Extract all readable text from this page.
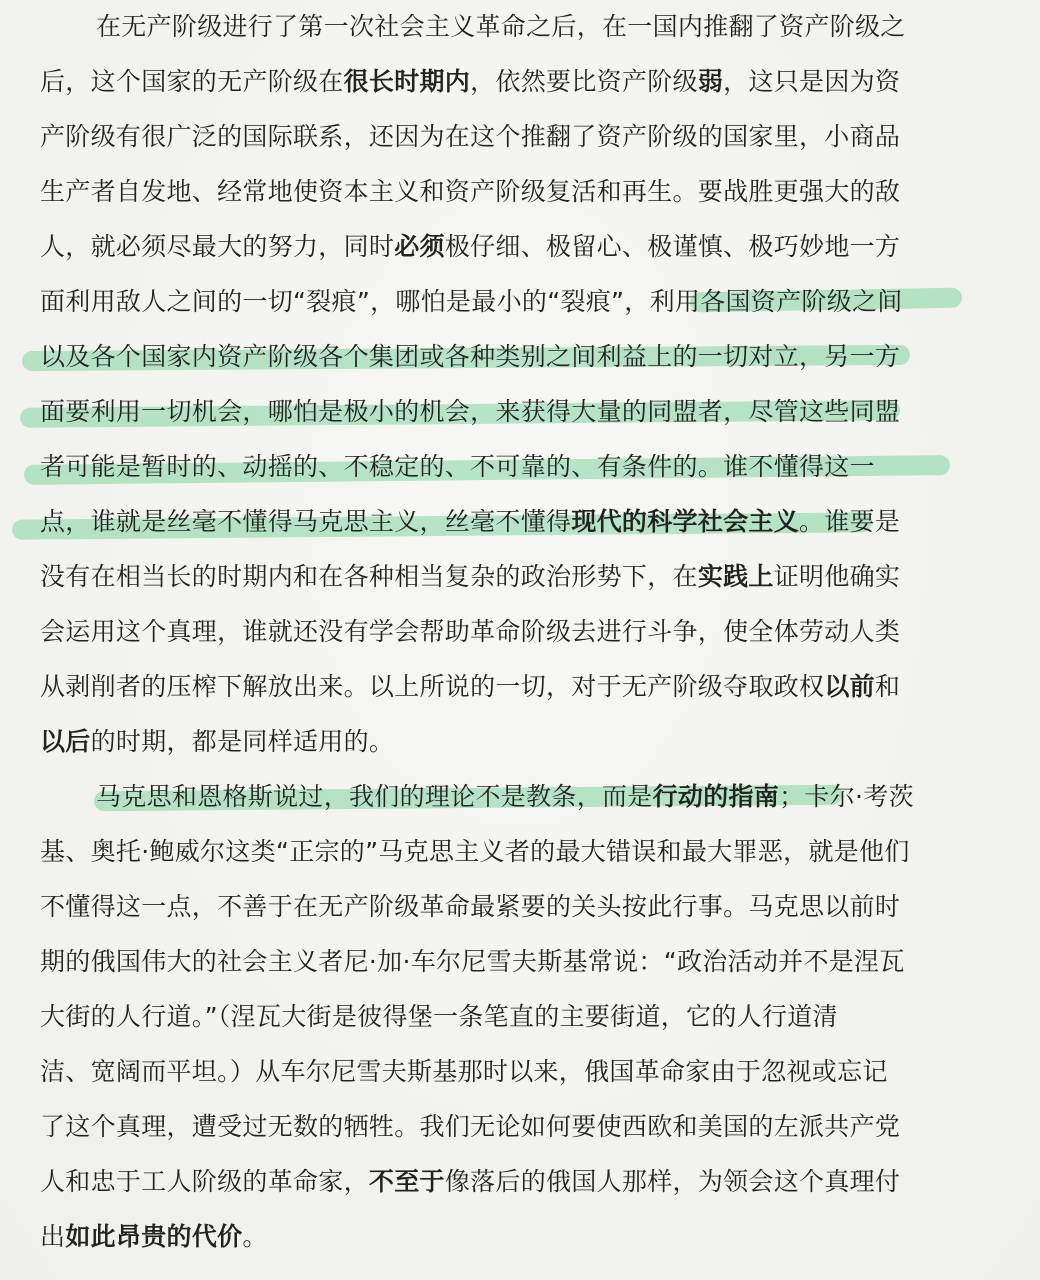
在无产阶级进行了第一次社会主义革命之后，在一国内推翻了资产阶级之
后，这个国家的无产阶级在很长时期内，依然要比资产阶级弱，这只是因为资
产阶级有很广泛的国际联系，还因为在这个推翻了资产阶级的国家里，小商品
生产者自发地、经常地使资本主义和资产阶级复活和再生。要战胜更强大的敌
人，就必须尽最大的努力，同时必须极仔细、极留心、极谨慎、极巧妙地一方
面利用敌人之间的一切“裂痕”，哪怕是最小的“裂痕”，利用各国资产阶级之间
以及各个国家内资产阶级各个集团或各种类别之间利益上的一切对立，另一方
面要利用一切机会，哪怕是极小的机会，来获得大量的同盟者，尽管这些同盟
者可能是暂时的、动摇的、不稳定的、不可靠的、有条件的。谁不懂得这一
点，谁就是丝毫不懂得马克思主义，丝毫不懂得现代的科学社会主义。谁要是
没有在相当长的时期内和在各种相当复杂的政治形势下，在实践上证明他确实
会运用这个真理，谁就还没有学会帮助革命阶级去进行斗争，使全体劳动人类
从剥削者的压榨下解放出来。以上所说的一切，对于无产阶级夺取政权以前和
以后的时期，都是同样适用的。
马克思和恩格斯说过，我们的理论不是教条，而是行动的指南；卡尔·考茨
基、奥托·鲍威尔这类“正宗的”马克思主义者的最大错误和最大罪恶，就是他们
不懂得这一点，不善于在无产阶级革命最紧要的关头按此行事。马克思以前时
期的俄国伟大的社会主义者尼·加·车尔尼雪夫斯基常说：“政治活动并不是涅瓦
大街的人行道。”（涅瓦大街是彼得堡一条笔直的主要街道，它的人行道清
洁、宽阔而平坦。）从车尔尼雪夫斯基那时以来，俄国革命家由于忽视或忘记
了这个真理，遭受过无数的牺牲。我们无论如何要使西欧和美国的左派共产党
人和忠于工人阶级的革命家，不至于像落后的俄国人那样，为领会这个真理付
出如此昂贵的代价。
